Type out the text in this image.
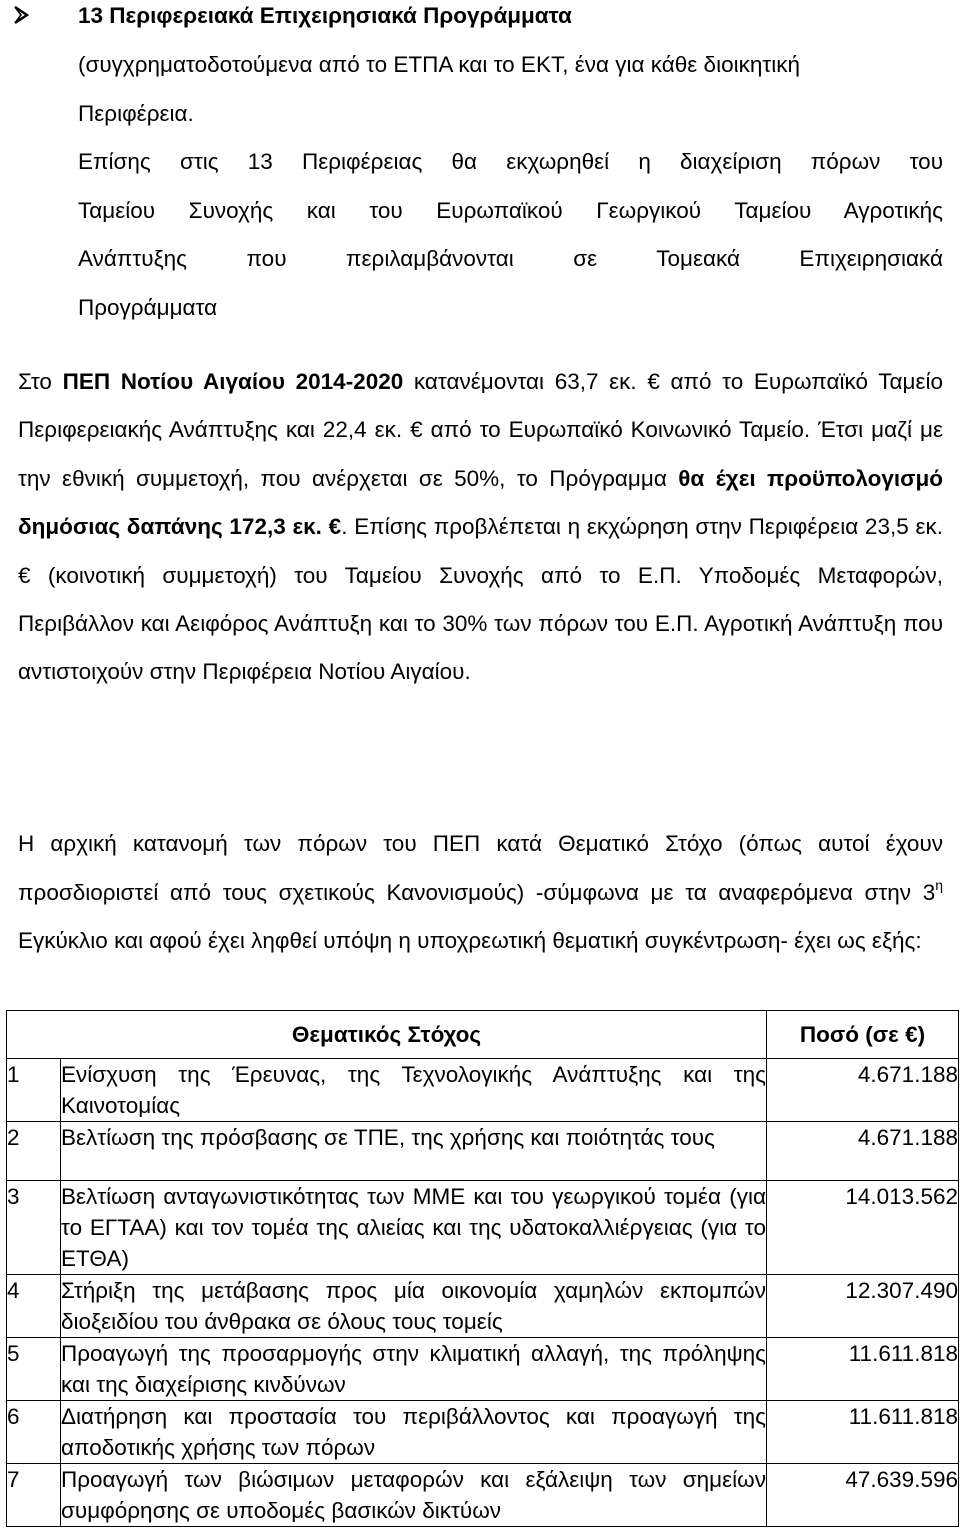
13 Περιφερειακά Επιχειρησιακά Προγράμματα
(συγχρηματοδοτούμενα από το ΕΤΠΑ και το ΕΚΤ, ένα για κάθε διοικητική
Περιφέρεια.
Επίσης στις 13 Περιφέρειας θα εκχωρηθεί η διαχείριση πόρων του
Ταμείου Συνοχής και του Ευρωπαϊκού Γεωργικού Ταμείου Αγροτικής
Ανάπτυξης που περιλαμβάνονται σε Τομεακά Επιχειρησιακά
Προγράμματα
Στο ΠΕΠ Νοτίου Αιγαίου 2014-2020 κατανέμονται 63,7 εκ. € από το Ευρωπαϊκό Ταμείο Περιφερειακής Ανάπτυξης και 22,4 εκ. € από το Ευρωπαϊκό Κοινωνικό Ταμείο. Έτσι μαζί με την εθνική συμμετοχή, που ανέρχεται σε 50%, το Πρόγραμμα θα έχει προϋπολογισμό δημόσιας δαπάνης 172,3 εκ. €. Επίσης προβλέπεται η εκχώρηση στην Περιφέρεια 23,5 εκ. € (κοινοτική συμμετοχή) του Ταμείου Συνοχής από το Ε.Π. Υποδομές Μεταφορών, Περιβάλλον και Αειφόρος Ανάπτυξη και το 30% των πόρων του Ε.Π. Αγροτική Ανάπτυξη που αντιστοιχούν στην Περιφέρεια Νοτίου Αιγαίου.
Η αρχική κατανομή των πόρων του ΠΕΠ κατά Θεματικό Στόχο (όπως αυτοί έχουν προσδιοριστεί από τους σχετικούς Κανονισμούς) -σύμφωνα με τα αναφερόμενα στην $3^\eta$ Εγκύκλιο και αφού έχει ληφθεί υπόψη η υποχρεωτική θεματική συγκέντρωση- έχει ως εξής:
Θεματικός Στόχος		Ποσό (σε €)
1	Ενίσχυση της Έρευνας, της Τεχνολογικής Ανάπτυξης και της Καινοτομίας	4.671.188
2	Βελτίωση της πρόσβασης σε ΤΠΕ, της χρήσης και ποιότητάς τους	4.671.188
3	Βελτίωση ανταγωνιστικότητας των ΜΜΕ και του γεωργικού τομέα (για το ΕΓΤΑΑ) και τον τομέα της αλιείας και της υδατοκαλλιέργειας (για το ΕΤΘΑ)	14.013.562
4	Στήριξη της μετάβασης προς μία οικονομία χαμηλών εκπομπών διοξειδίου του άνθρακα σε όλους τους τομείς	12.307.490
5	Προαγωγή της προσαρμογής στην κλιματική αλλαγή, της πρόληψης και της διαχείρισης κινδύνων	11.611.818
6	Διατήρηση και προστασία του περιβάλλοντος και προαγωγή της αποδοτικής χρήσης των πόρων	11.611.818
7	Προαγωγή των βιώσιμων μεταφορών και εξάλειψη των σημείων συμφόρησης σε υποδομές βασικών δικτύων	47.639.596
